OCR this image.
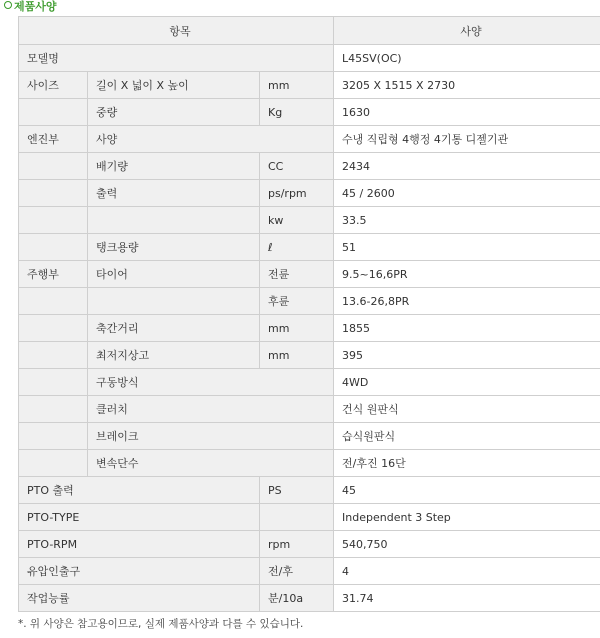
제품사양
항목			사양
모델명			L45SV(OC)
사이즈	길이 X 넓이 X 높이	mm	3205 X 1515 X 2730
	중량	Kg	1630
엔진부	사양		수냉 직립형 4행정 4기통 디젤기관
	배기량	CC	2434
	출력	ps/rpm	45 / 2600
		kw	33.5
	탱크용량	ℓ	51
주행부	타이어	전륜	9.5~16,6PR
		후륜	13.6-26,8PR
	축간거리	mm	1855
	최저지상고	mm	395
	구동방식		4WD
	클러치		건식 원판식
	브레이크		습식원판식
	변속단수		전/후진 16단
PTO 출력		PS	45
PTO-TYPE			Independent 3 Step
PTO-RPM		rpm	540,750
유압인출구		전/후	4
작업능률		분/10a	31.74
*. 위 사양은 참고용이므로, 실제 제품사양과 다를 수 있습니다.
